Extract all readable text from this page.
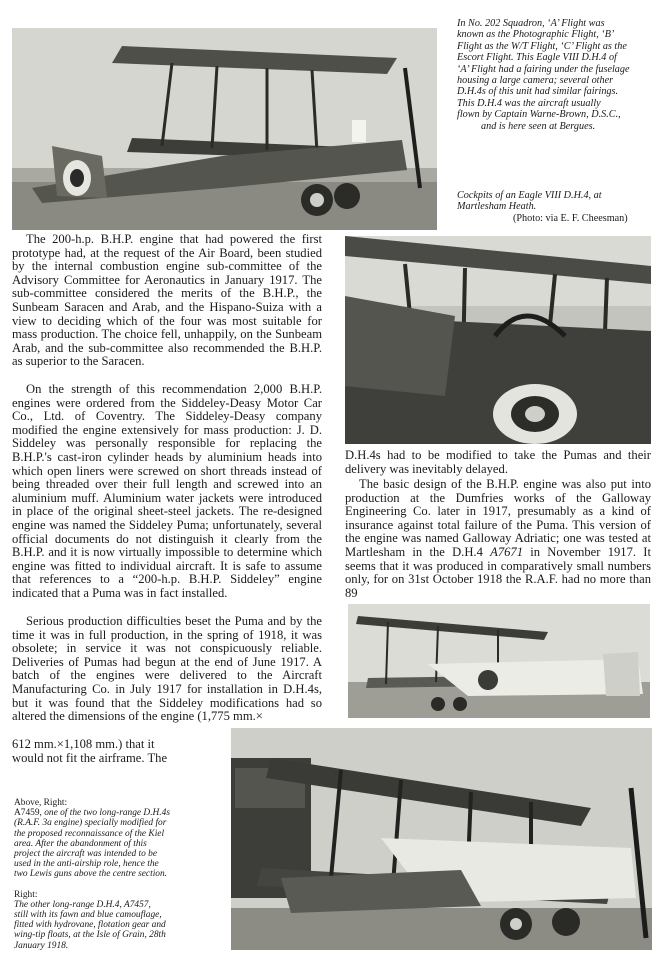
In No. 202 Squadron, ‘A’ Flight was
known as the Photographic Flight, ‘B’
Flight as the W/T Flight, ‘C’ Flight as the
Escort Flight. This Eagle VIII D.H.4 of
‘A’ Flight had a fairing under the fuselage
housing a large camera; several other
D.H.4s of this unit had similar fairings.
This D.H.4 was the aircraft usually
flown by Captain Warne-Brown, D.S.C.,
and is here seen at Bergues.
Cockpits of an Eagle VIII D.H.4, at
Martlesham Heath.
(Photo: via E. F. Cheesman)

The 200-h.p. B.H.P. engine that had powered the first prototype had, at the request of the Air Board, been studied by the internal combustion engine sub-committee of the Advisory Committee for Aeronautics in January 1917. The sub-committee considered the merits of the B.H.P., the Sunbeam Saracen and Arab, and the Hispano-Suiza with a view to deciding which of the four was most suitable for mass production. The choice fell, unhappily, on the Sunbeam Arab, and the sub-committee also recommended the B.H.P. as superior to the Saracen.

On the strength of this recommendation 2,000 B.H.P. engines were ordered from the Siddeley-Deasy Motor Car Co., Ltd. of Coventry. The Siddeley-Deasy company modified the engine extensively for mass production: J. D. Siddeley was personally responsible for replacing the B.H.P.'s cast-iron cylinder heads by aluminium heads into which open liners were screwed on short threads instead of being threaded over their full length and screwed into an aluminium muff. Aluminium water jackets were introduced in place of the original sheet-steel jackets. The re-designed engine was named the Siddeley Puma; unfortunately, several official documents do not distinguish it clearly from the B.H.P. and it is now virtually impossible to determine which engine was fitted to individual aircraft. It is safe to assume that references to a “200-h.p. B.H.P. Siddeley” engine indicated that a Puma was in fact installed.

Serious production difficulties beset the Puma and by the time it was in full production, in the spring of 1918, it was obsolete; in service it was not conspicuously reliable. Deliveries of Pumas had begun at the end of June 1917. A batch of the engines were delivered to the Aircraft Manufacturing Co. in July 1917 for installation in D.H.4s, but it was found that the Siddeley modifications had so altered the dimensions of the engine (1,775 mm.×

612 mm.×1,108 mm.) that it

would not fit the airframe. The

D.H.4s had to be modified to take the Pumas and their delivery was inevitably delayed.

The basic design of the B.H.P. engine was also put into production at the Dumfries works of the Galloway Engineering Co. later in 1917, presumably as a kind of insurance against total failure of the Puma. This version of the engine was named Galloway Adriatic; one was tested at Martlesham in the D.H.4 A7671 in November 1917. It seems that it was produced in comparatively small numbers only, for on 31st October 1918 the R.A.F. had no more than 89

Above, Right:
A7459, one of the two long-range D.H.4s
(R.A.F. 3a engine) specially modified for
the proposed reconnaissance of the Kiel
area. After the abandonment of this
project the aircraft was intended to be
used in the anti-airship role, hence the
two Lewis guns above the centre section.
Right:
The other long-range D.H.4, A7457,
still with its fawn and blue camouflage,
fitted with hydrovane, flotation gear and
wing-tip floats, at the Isle of Grain, 28th
January 1918.
